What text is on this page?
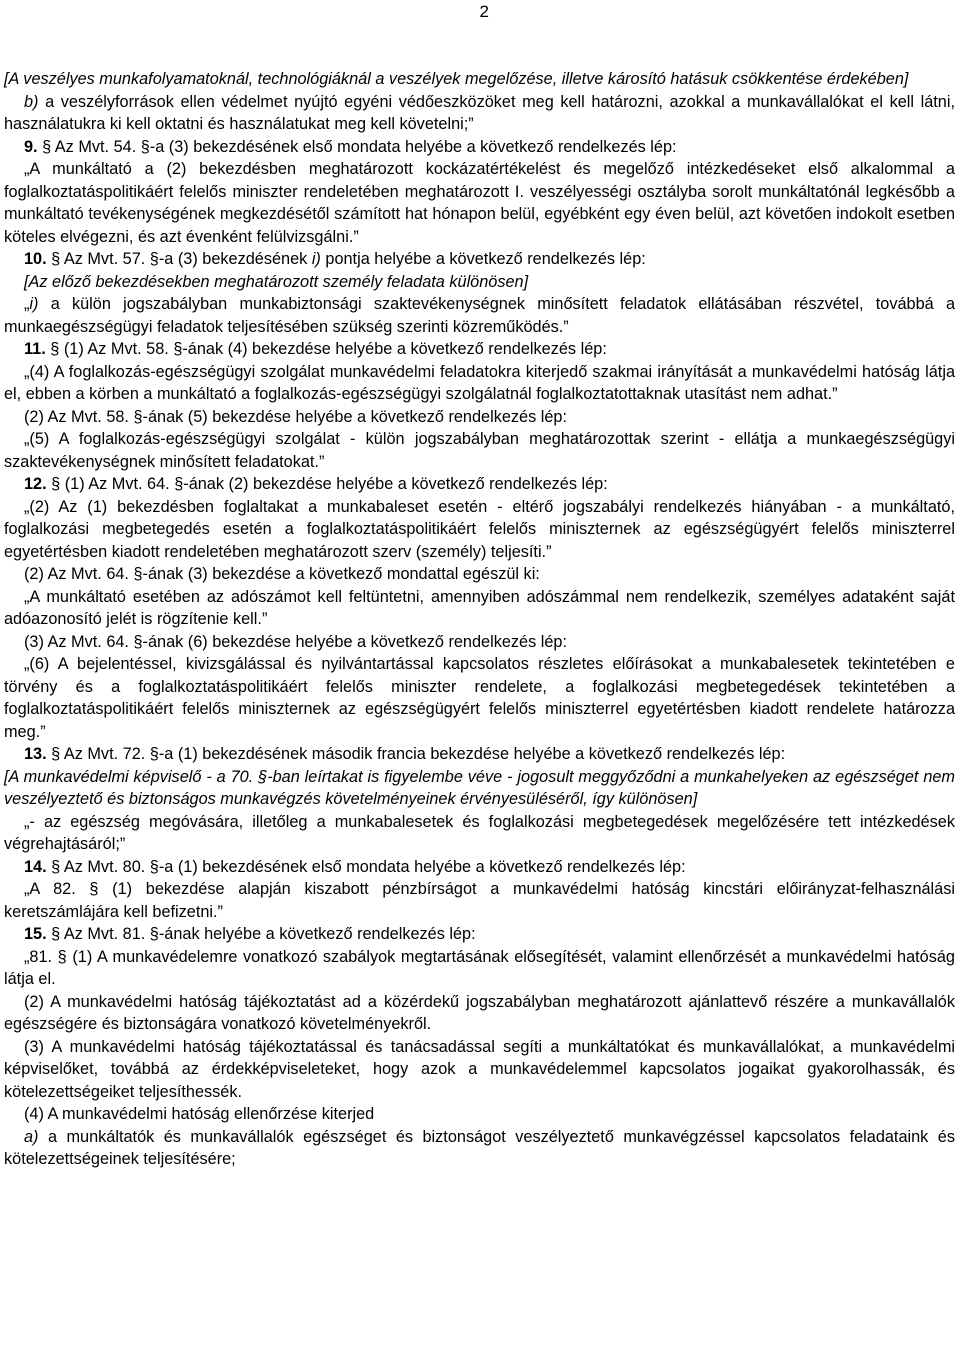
2

[A veszélyes munkafolyamatoknál, technológiáknál a veszélyek megelőzése, illetve károsító hatásuk csökkentése érdekében]

b) a veszélyforrások ellen védelmet nyújtó egyéni védőeszközöket meg kell határozni, azokkal a munkavállalókat el kell látni, használatukra ki kell oktatni és használatukat meg kell követelni;”

9. § Az Mvt. 54. §-a (3) bekezdésének első mondata helyébe a következő rendelkezés lép:

„A munkáltató a (2) bekezdésben meghatározott kockázatértékelést és megelőző intézkedéseket első alkalommal a foglalkoztatáspolitikáért felelős miniszter rendeletében meghatározott I. veszélyességi osztályba sorolt munkáltatónál legkésőbb a munkáltató tevékenységének megkezdésétől számított hat hónapon belül, egyébként egy éven belül, azt követően indokolt esetben köteles elvégezni, és azt évenként felülvizsgálni.”

10. § Az Mvt. 57. §-a (3) bekezdésének i) pontja helyébe a következő rendelkezés lép:

[Az előző bekezdésekben meghatározott személy feladata különösen]

„i) a külön jogszabályban munkabiztonsági szaktevékenységnek minősített feladatok ellátásában részvétel, továbbá a munkaegészségügyi feladatok teljesítésében szükség szerinti közreműködés.”

11. § (1) Az Mvt. 58. §-ának (4) bekezdése helyébe a következő rendelkezés lép:

„(4) A foglalkozás-egészségügyi szolgálat munkavédelmi feladatokra kiterjedő szakmai irányítását a munkavédelmi hatóság látja el, ebben a körben a munkáltató a foglalkozás-egészségügyi szolgálatnál foglalkoztatottaknak utasítást nem adhat.”

(2) Az Mvt. 58. §-ának (5) bekezdése helyébe a következő rendelkezés lép:

„(5) A foglalkozás-egészségügyi szolgálat - külön jogszabályban meghatározottak szerint - ellátja a munkaegészségügyi szaktevékenységnek minősített feladatokat.”

12. § (1) Az Mvt. 64. §-ának (2) bekezdése helyébe a következő rendelkezés lép:

„(2) Az (1) bekezdésben foglaltakat a munkabaleset esetén - eltérő jogszabályi rendelkezés hiányában - a munkáltató, foglalkozási megbetegedés esetén a foglalkoztatáspolitikáért felelős miniszternek az egészségügyért felelős miniszterrel egyetértésben kiadott rendeletében meghatározott szerv (személy) teljesíti.”

(2) Az Mvt. 64. §-ának (3) bekezdése a következő mondattal egészül ki:

„A munkáltató esetében az adószámot kell feltüntetni, amennyiben adószámmal nem rendelkezik, személyes adataként saját adóazonosító jelét is rögzítenie kell.”

(3) Az Mvt. 64. §-ának (6) bekezdése helyébe a következő rendelkezés lép:

„(6) A bejelentéssel, kivizsgálással és nyilvántartással kapcsolatos részletes előírásokat a munkabalesetek tekintetében e törvény és a foglalkoztatáspolitikáért felelős miniszter rendelete, a foglalkozási megbetegedések tekintetében a foglalkoztatáspolitikáért felelős miniszternek az egészségügyért felelős miniszterrel egyetértésben kiadott rendelete határozza meg.”

13. § Az Mvt. 72. §-a (1) bekezdésének második francia bekezdése helyébe a következő rendelkezés lép:

[A munkavédelmi képviselő - a 70. §-ban leírtakat is figyelembe véve - jogosult meggyőződni a munkahelyeken az egészséget nem veszélyeztető és biztonságos munkavégzés követelményeinek érvényesüléséről, így különösen]

„- az egészség megóvására, illetőleg a munkabalesetek és foglalkozási megbetegedések megelőzésére tett intézkedések végrehajtásáról;”

14. § Az Mvt. 80. §-a (1) bekezdésének első mondata helyébe a következő rendelkezés lép:

„A 82. § (1) bekezdése alapján kiszabott pénzbírságot a munkavédelmi hatóság kincstári előirányzat-felhasználási keretszámlájára kell befizetni.”

15. § Az Mvt. 81. §-ának helyébe a következő rendelkezés lép:

„81. § (1) A munkavédelemre vonatkozó szabályok megtartásának elősegítését, valamint ellenőrzését a munkavédelmi hatóság látja el.

(2) A munkavédelmi hatóság tájékoztatást ad a közérdekű jogszabályban meghatározott ajánlattevő részére a munkavállalók egészségére és biztonságára vonatkozó követelményekről.

(3) A munkavédelmi hatóság tájékoztatással és tanácsadással segíti a munkáltatókat és munkavállalókat, a munkavédelmi képviselőket, továbbá az érdekképviseleteket, hogy azok a munkavédelemmel kapcsolatos jogaikat gyakorolhassák, és kötelezettségeiket teljesíthessék.

(4) A munkavédelmi hatóság ellenőrzése kiterjed

a) a munkáltatók és munkavállalók egészséget és biztonságot veszélyeztető munkavégzéssel kapcsolatos feladataink és kötelezettségeinek teljesítésére;
